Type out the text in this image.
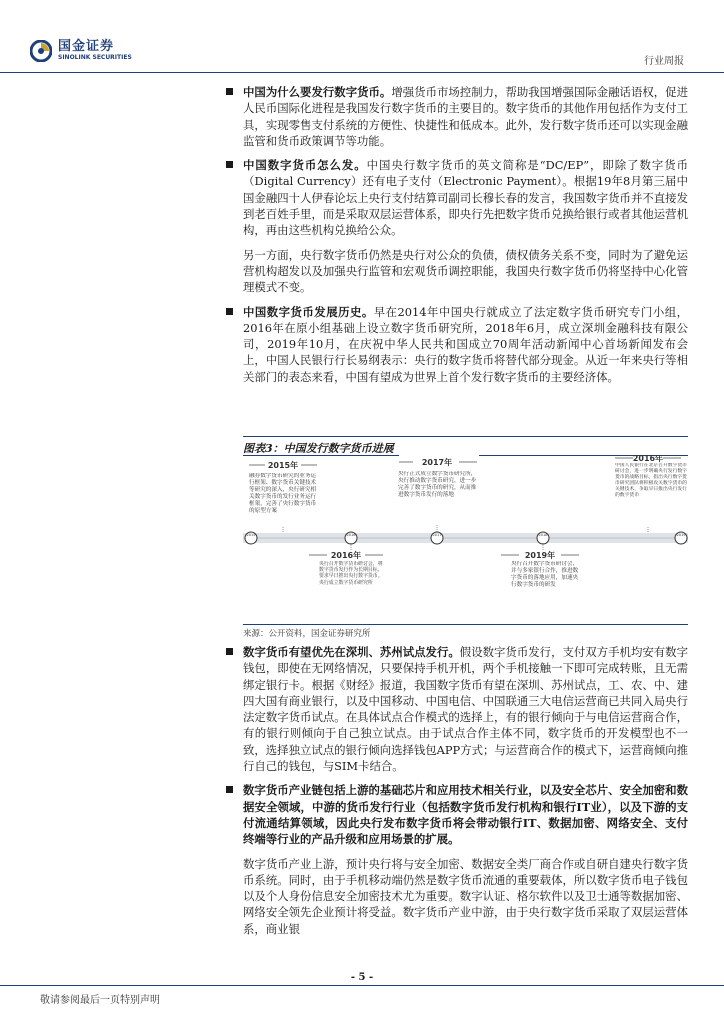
国金证券
SINOLINK SECURITIES	行业周报

中国为什么要发行数字货币。增强货币市场控制力，帮助我国增强国际金融话语权，促进人民币国际化进程是我国发行数字货币的主要目的。数字货币的其他作用包括作为支付工具，实现零售支付系统的方便性、快捷性和低成本。此外，发行数字货币还可以实现金融监管和货币政策调节等功能。

中国数字货币怎么发。中国央行数字货币的英文简称是“DC/EP”，即除了数字货币（Digital Currency）还有电子支付（Electronic Payment）。根据19年8月第三届中国金融四十人伊春论坛上央行支付结算司副司长穆长春的发言，我国数字货币并不直接发到老百姓手里，而是采取双层运营体系，即央行先把数字货币兑换给银行或者其他运营机构，再由这些机构兑换给公众。

另一方面，央行数字货币仍然是央行对公众的负债，债权债务关系不变，同时为了避免运营机构超发以及加强央行监管和宏观货币调控职能，我国央行数字货币仍将坚持中心化管理模式不变。

中国数字货币发展历史。早在2014年中国央行就成立了法定数字货币研究专门小组，2016年在原小组基础上设立数字货币研究所，2018年6月，成立深圳金融科技有限公司，2019年10月，在庆祝中华人民共和国成立70周年活动新闻中心首场新闻发布会上，中国人民银行行长易纲表示：央行的数字货币将替代部分现金。从近一年来央行等相关部门的表态来看，中国有望成为世界上首个发行数字货币的主要经济体。

图表3：中国发行数字货币进展
2015年	2017年	2016年
融券数字货币研究的业务运行框架、数字货币关键技术等研究的深入，央行研究相关数字货币的发行业务运行框架，完善了央行数字货币的原型方案
央行正式成立数字货币研究所，央行推动数字货币研究，进一步完善了数字货币的研究，从而推进数字货币发行的落地
中国人民银行在北京召开数字货币研讨会，进一步明确央行发行数字货币的战略目标，指出央行数字货币研究团队将积极攻关数字货币的关键技术，争取早日推出央行发行的数字货币
2015	2016	2017	2018	2019
2016年	2019年
央行召开数字货币研讨会，将数字货币发行作为长期目标，要求早日推出央行数字货币。央行成立数字货币研究所
央行召开数字货币研讨会，并与多家银行合作，推进数字货币的落地应用，加速央行数字货币的研发
来源：公开资料，国金证券研究所

数字货币有望优先在深圳、苏州试点发行。假设数字货币发行，支付双方手机均安有数字钱包，即使在无网络情况，只要保持手机开机，两个手机接触一下即可完成转账，且无需绑定银行卡。根据《财经》报道，我国数字货币有望在深圳、苏州试点，工、农、中、建四大国有商业银行，以及中国移动、中国电信、中国联通三大电信运营商已共同入局央行法定数字货币试点。在具体试点合作模式的选择上，有的银行倾向于与电信运营商合作，有的银行则倾向于自己独立试点。由于试点合作主体不同，数字货币的开发模型也不一致，选择独立试点的银行倾向选择钱包APP方式；与运营商合作的模式下，运营商倾向推行自己的钱包，与SIM卡结合。

数字货币产业链包括上游的基础芯片和应用技术相关行业，以及安全芯片、安全加密和数据安全领域，中游的货币发行行业（包括数字货币发行机构和银行IT业），以及下游的支付流通结算领域，因此央行发布数字货币将会带动银行IT、数据加密、网络安全、支付终端等行业的产品升级和应用场景的扩展。

数字货币产业上游，预计央行将与安全加密、数据安全类厂商合作或自研自建央行数字货币系统。同时，由于手机移动端仍然是数字货币流通的重要载体，所以数字货币电子钱包以及个人身份信息安全加密技术尤为重要。数字认证、格尔软件以及卫士通等数据加密、网络安全领先企业预计将受益。数字货币产业中游，由于央行数字货币采取了双层运营体系，商业银

- 5 -
敬请参阅最后一页特别声明
